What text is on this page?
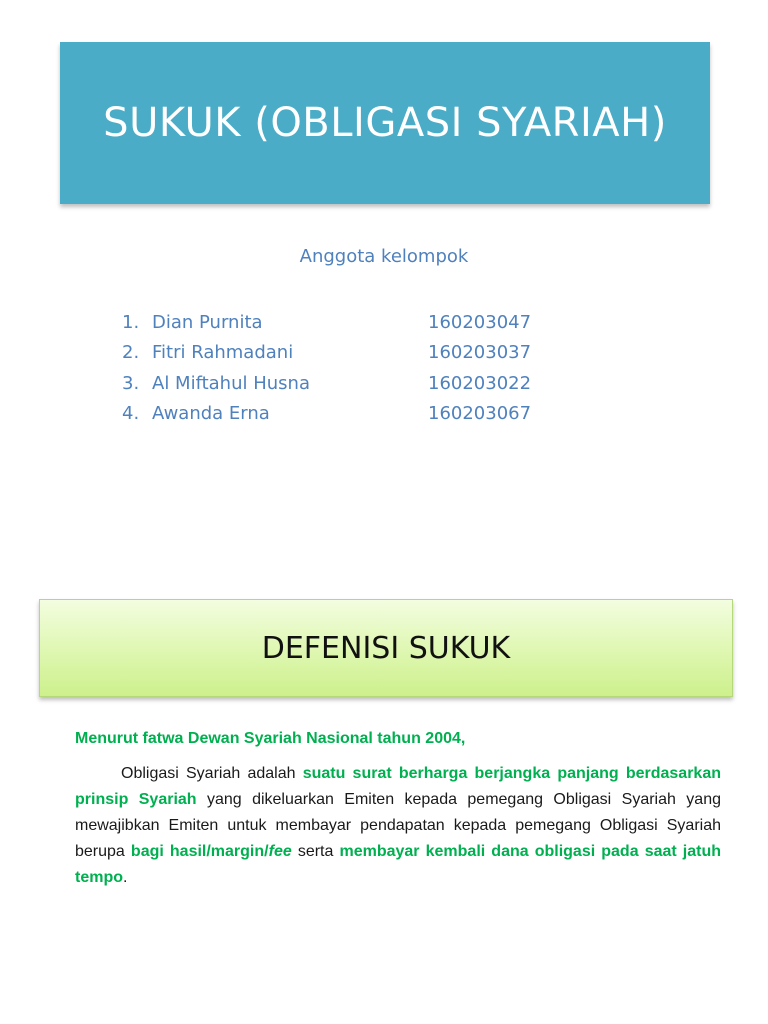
SUKUK (OBLIGASI SYARIAH)
Anggota kelompok
1. Dian Purnita	160203047
2. Fitri Rahmadani	160203037
3. Al Miftahul Husna	160203022
4. Awanda Erna	160203067
DEFENISI SUKUK
Menurut fatwa Dewan Syariah Nasional tahun 2004,
Obligasi Syariah adalah suatu surat berharga berjangka panjang berdasarkan prinsip Syariah yang dikeluarkan Emiten kepada pemegang Obligasi Syariah yang mewajibkan Emiten untuk membayar pendapatan kepada pemegang Obligasi Syariah berupa bagi hasil/margin/fee serta membayar kembali dana obligasi pada saat jatuh tempo.
